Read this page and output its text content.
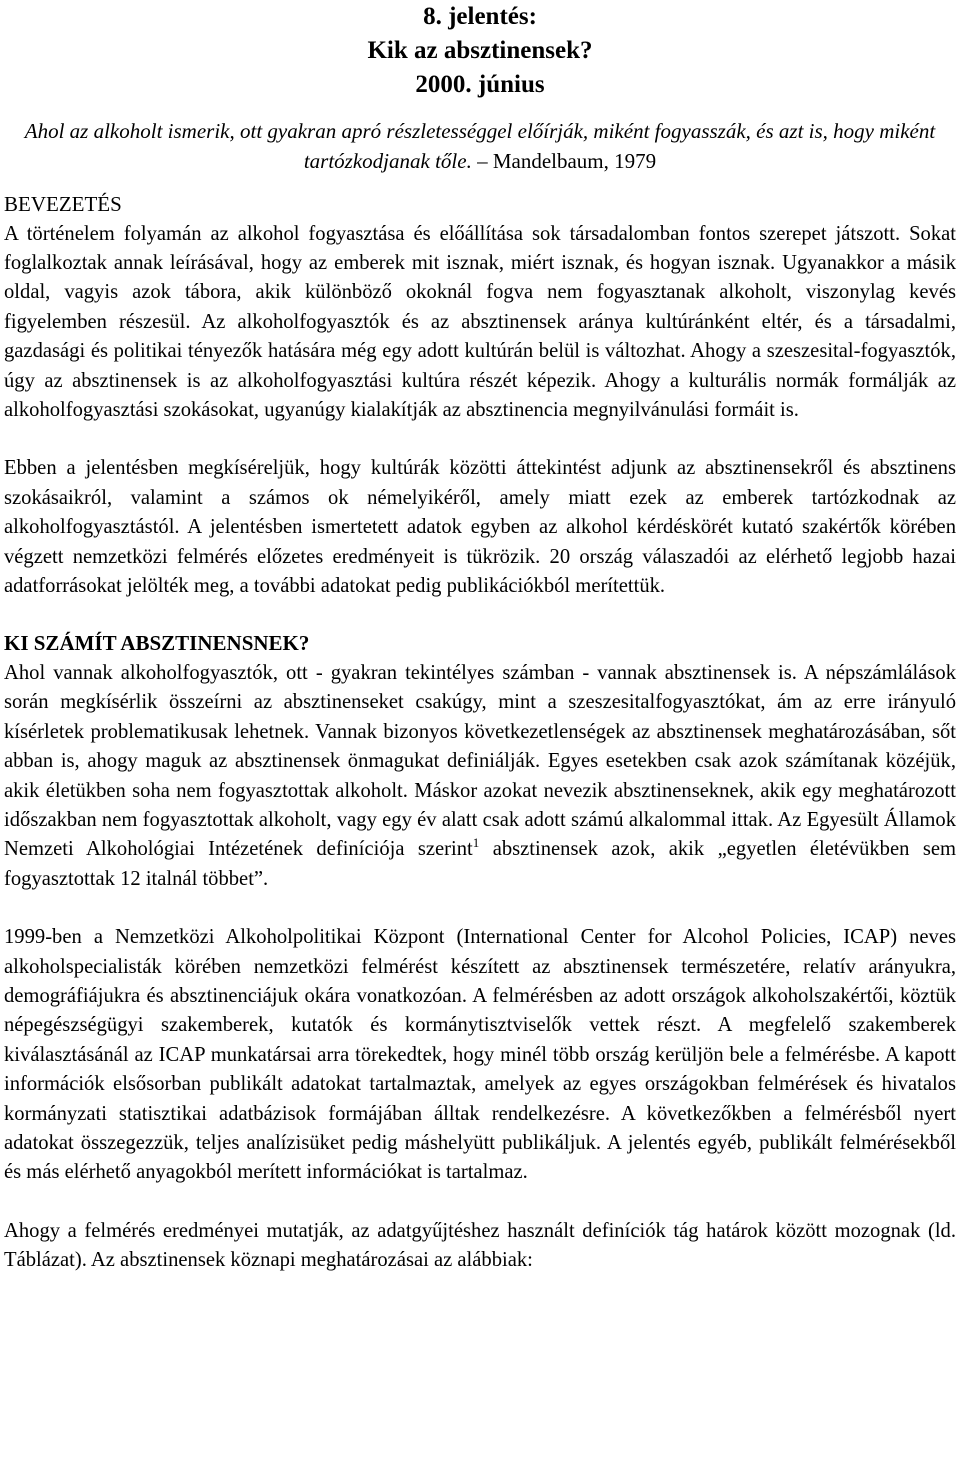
8. jelentés:
Kik az absztinensek?
2000. június
Ahol az alkoholt ismerik, ott gyakran apró részletességgel előírják, miként fogyasszák, és azt is, hogy miként tartózkodjanak tőle. – Mandelbaum, 1979
BEVEZETÉS

A történelem folyamán az alkohol fogyasztása és előállítása sok társadalomban fontos szerepet játszott. Sokat foglalkoztak annak leírásával, hogy az emberek mit isznak, miért isznak, és hogyan isznak. Ugyanakkor a másik oldal, vagyis azok tábora, akik különböző okoknál fogva nem fogyasztanak alkoholt, viszonylag kevés figyelemben részesül. Az alkoholfogyasztók és az absztinensek aránya kultúránként eltér, és a társadalmi, gazdasági és politikai tényezők hatására még egy adott kultúrán belül is változhat. Ahogy a szeszesital-fogyasztók, úgy az absztinensek is az alkoholfogyasztási kultúra részét képezik. Ahogy a kulturális normák formálják az alkoholfogyasztási szokásokat, ugyanúgy kialakítják az absztinencia megnyilvánulási formáit is.

Ebben a jelentésben megkíséreljük, hogy kultúrák közötti áttekintést adjunk az absztinensekről és absztinens szokásaikról, valamint a számos ok némelyikéről, amely miatt ezek az emberek tartózkodnak az alkoholfogyasztástól. A jelentésben ismertetett adatok egyben az alkohol kérdéskörét kutató szakértők körében végzett nemzetközi felmérés előzetes eredményeit is tükrözik. 20 ország válaszadói az elérhető legjobb hazai adatforrásokat jelölték meg, a további adatokat pedig publikációkból merítettük.

KI SZÁMÍT ABSZTINENSNEK?

Ahol vannak alkoholfogyasztók, ott - gyakran tekintélyes számban - vannak absztinensek is. A népszámlálások során megkísérlik összeírni az absztinenseket csakúgy, mint a szeszesitalfogyasztókat, ám az erre irányuló kísérletek problematikusak lehetnek. Vannak bizonyos következetlenségek az absztinensek meghatározásában, sőt abban is, ahogy maguk az absztinensek önmagukat definiálják. Egyes esetekben csak azok számítanak közéjük, akik életükben soha nem fogyasztottak alkoholt. Máskor azokat nevezik absztinenseknek, akik egy meghatározott időszakban nem fogyasztottak alkoholt, vagy egy év alatt csak adott számú alkalommal ittak. Az Egyesült Államok Nemzeti Alkohológiai Intézetének definíciója szerint$^1$ absztinensek azok, akik „egyetlen életévükben sem fogyasztottak 12 italnál többet”.

1999-ben a Nemzetközi Alkoholpolitikai Központ (International Center for Alcohol Policies, ICAP) neves alkoholspecialisták körében nemzetközi felmérést készített az absztinensek természetére, relatív arányukra, demográfiájukra és absztinenciájuk okára vonatkozóan. A felmérésben az adott országok alkoholszakértői, köztük népegészségügyi szakemberek, kutatók és kormánytisztviselők vettek részt. A megfelelő szakemberek kiválasztásánál az ICAP munkatársai arra törekedtek, hogy minél több ország kerüljön bele a felmérésbe. A kapott információk elsősorban publikált adatokat tartalmaztak, amelyek az egyes országokban felmérések és hivatalos kormányzati statisztikai adatbázisok formájában álltak rendelkezésre. A következőkben a felmérésből nyert adatokat összegezzük, teljes analízisüket pedig máshelyütt publikáljuk. A jelentés egyéb, publikált felmérésekből és más elérhető anyagokból merített információkat is tartalmaz.

Ahogy a felmérés eredményei mutatják, az adatgyűjtéshez használt definíciók tág határok között mozognak (ld. Táblázat). Az absztinensek köznapi meghatározásai az alábbiak:
